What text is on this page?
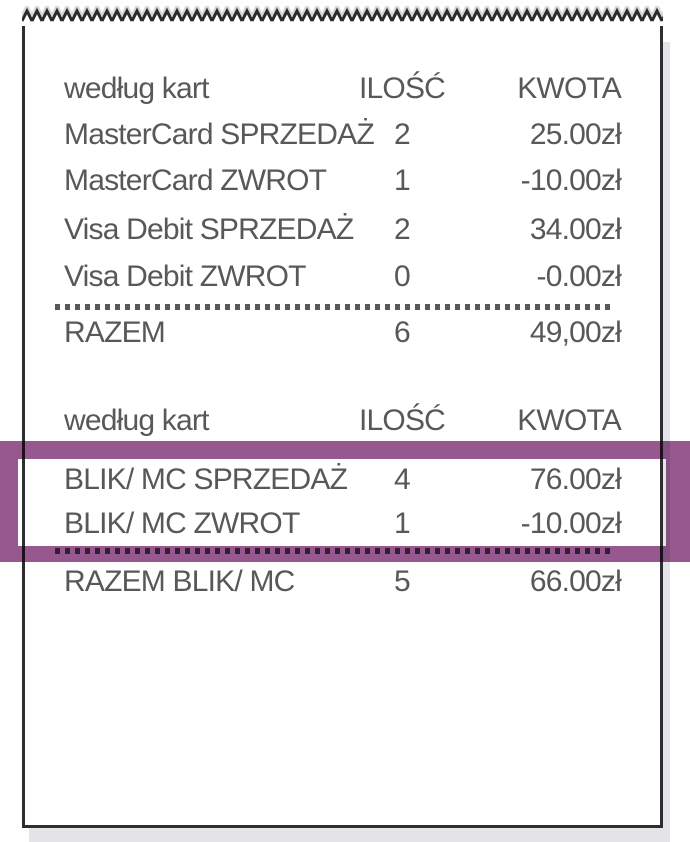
według kart	ILOŚĆ	KWOTA
MasterCard SPRZEDAŻ 2	25.00zł
MasterCard ZWROT	1	-10.00zł
Visa Debit SPRZEDAŻ	2	34.00zł
Visa Debit ZWROT	0	-0.00zł
RAZEM	6	49,00zł
według kart	ILOŚĆ	KWOTA
BLIK/ MC SPRZEDAŻ	4	76.00zł
BLIK/ MC ZWROT	1	-10.00zł
RAZEM BLIK/ MC	5	66.00zł
